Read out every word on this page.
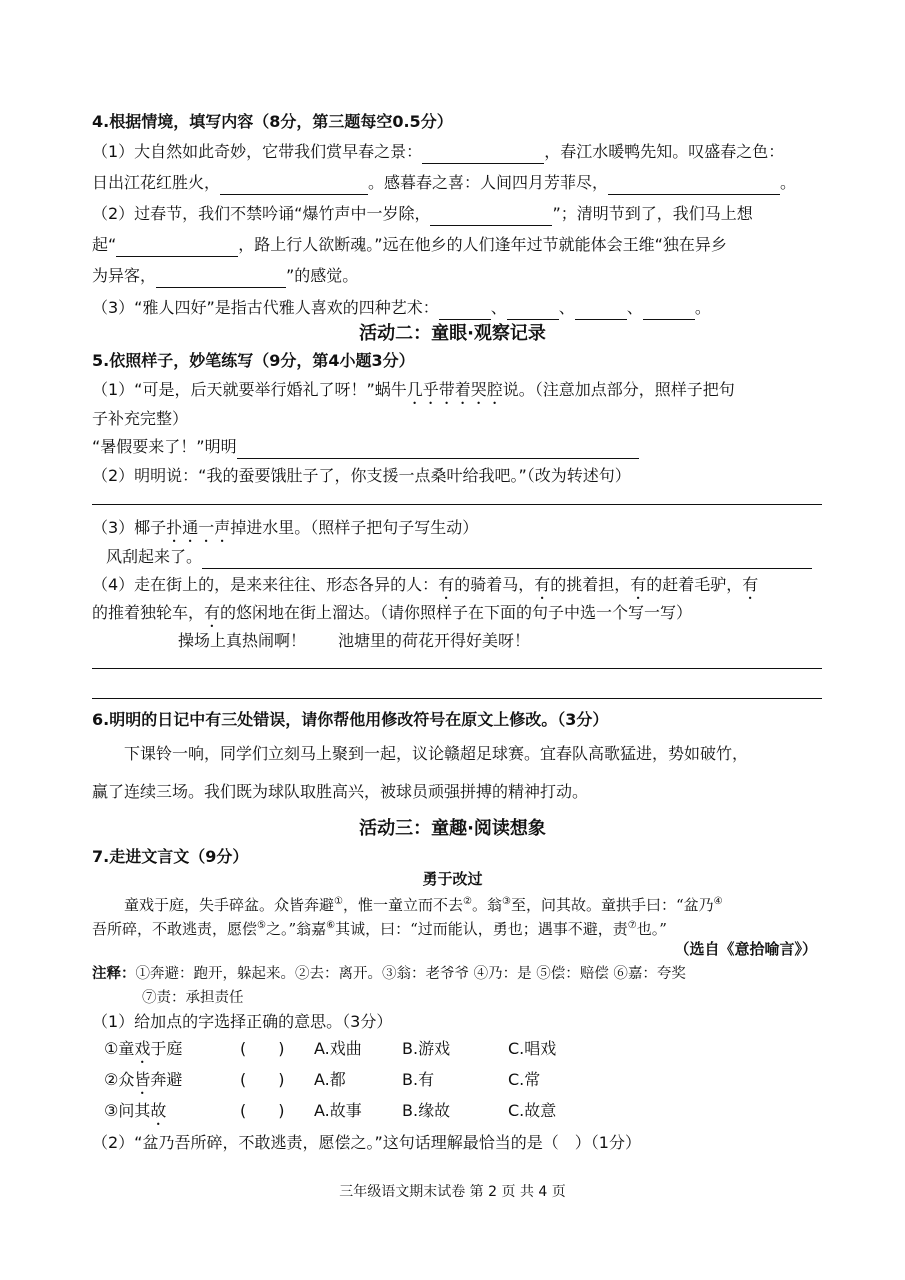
4.根据情境，填写内容（8分，第三题每空0.5分）
（1）大自然如此奇妙，它带我们赏早春之景：	，春江水暖鸭先知。叹盛春之色：
日出江花红胜火，	。感暮春之喜：人间四月芳菲尽，	。
（2）过春节，我们不禁吟诵“爆竹声中一岁除，	”；清明节到了，我们马上想
起“	，路上行人欲断魂。”远在他乡的人们逢年过节就能体会王维“独在异乡
为异客，	”的感觉。
（3）“雅人四好”是指古代雅人喜欢的四种艺术：	、	、	、	。
活动二：童眼·观察记录
5.依照样子，妙笔练写（9分，第4小题3分）
（1）“可是，后天就要举行婚礼了呀！”蜗牛几乎带着哭腔说。（注意加点部分，照样子把句
子补充完整）
“暑假要来了！”明明
（2）明明说：“我的蚕要饿肚子了，你支援一点桑叶给我吧。”（改为转述句）
（3）椰子扑通一声掉进水里。（照样子把句子写生动）
风刮起来了。
（4）走在街上的，是来来往往、形态各异的人：有的骑着马，有的挑着担，有的赶着毛驴，有
的推着独轮车，有的悠闲地在街上溜达。（请你照样子在下面的句子中选一个写一写）
操场上真热闹啊！ 池塘里的荷花开得好美呀！
6.明明的日记中有三处错误，请你帮他用修改符号在原文上修改。（3分）
下课铃一响，同学们立刻马上聚到一起，议论赣超足球赛。宜春队高歌猛进，势如破竹，
赢了连续三场。我们既为球队取胜高兴，被球员顽强拼搏的精神打动。
活动三：童趣·阅读想象
7.走进文言文（9分）
勇于改过
童戏于庭，失手碎盆。众皆奔避①，惟一童立而不去②。翁③至，问其故。童拱手曰：“盆乃④
吾所碎，不敢逃责，愿偿⑤之。”翁嘉⑥其诚，曰：“过而能认，勇也；遇事不避，责⑦也。”
（选自《意拾喻言》）
注释：①奔避：跑开，躲起来。②去：离开。③翁：老爷爷 ④乃：是 ⑤偿：赔偿 ⑥嘉：夸奖
⑦责：承担责任
（1）给加点的字选择正确的意思。（3分）
①童戏于庭	(　　) A.戏曲	B.游戏	C.唱戏
②众皆奔避	(　　) A.都	B.有	C.常
③问其故	(　　) A.故事	B.缘故	C.故意
（2）“盆乃吾所碎，不敢逃责，愿偿之。”这句话理解最恰当的是（　）（1分）
三年级语文期末试卷 第 2 页 共 4 页
